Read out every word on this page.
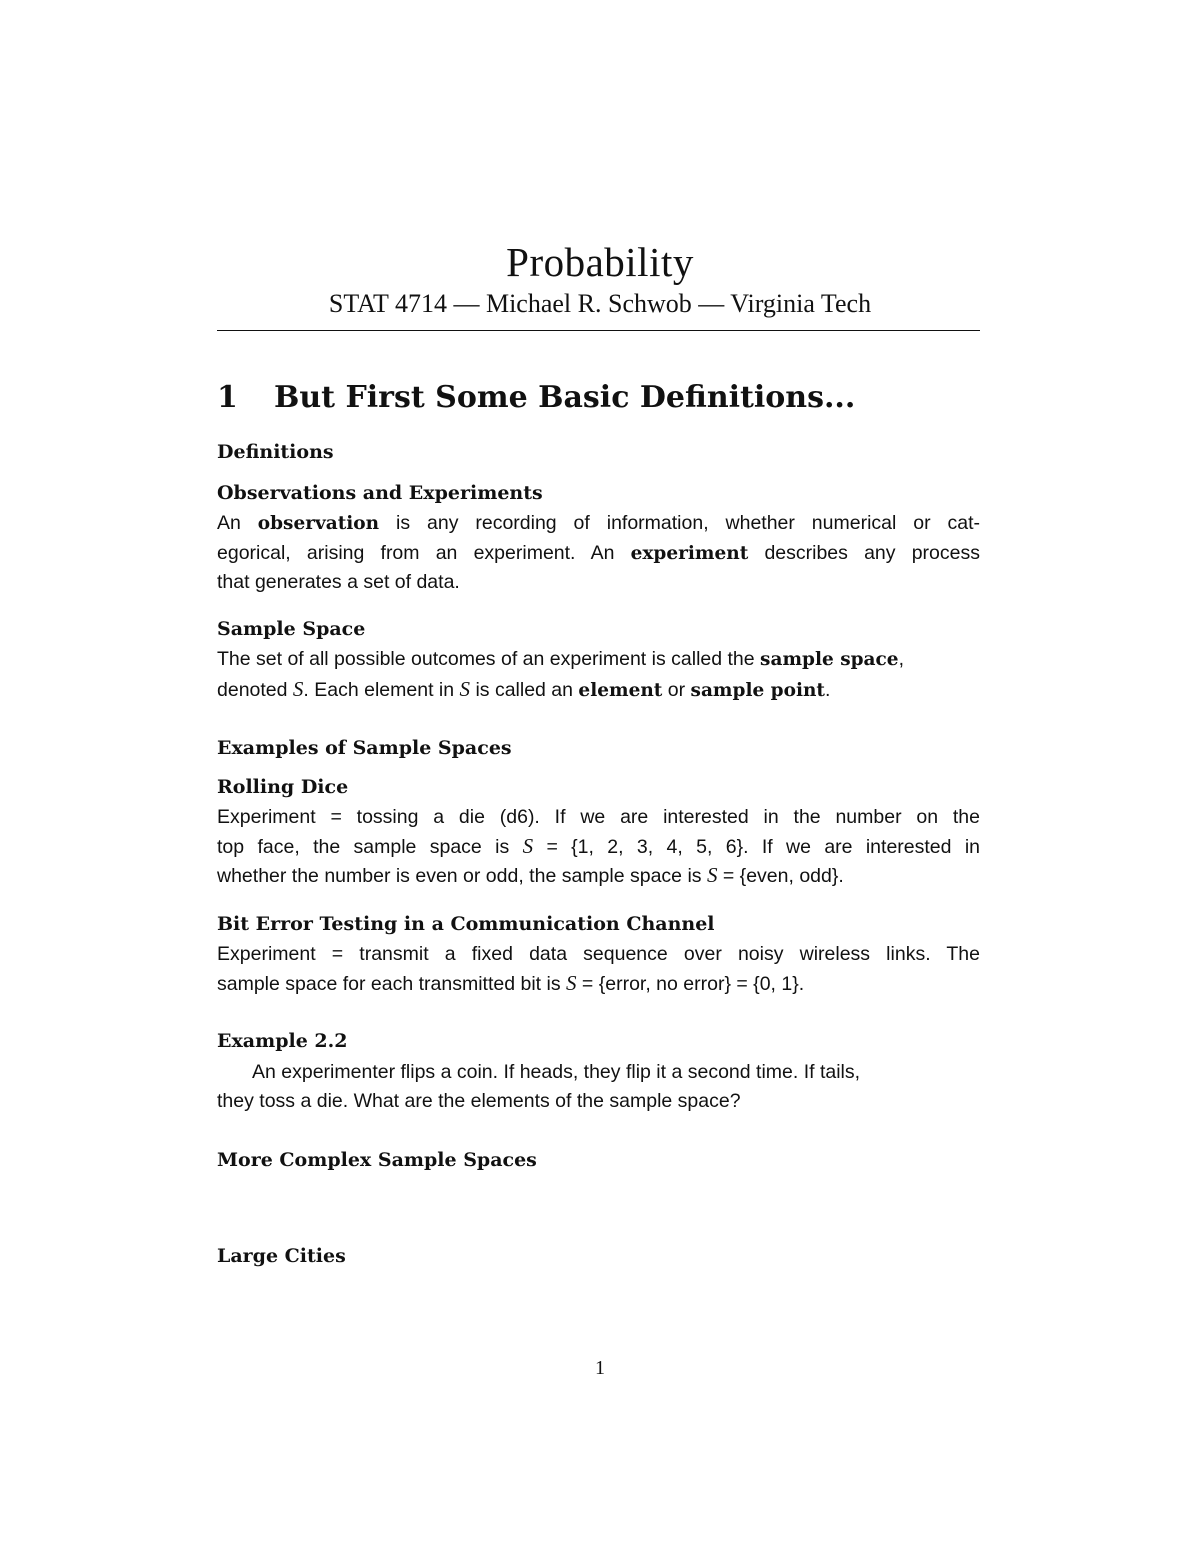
Probability

STAT 4714 — Michael R. Schwob — Virginia Tech

1 But First Some Basic Definitions...
Definitions
Observations and Experiments
An observation is any recording of information, whether numerical or cat-
egorical, arising from an experiment. An experiment describes any process
that generates a set of data.
Sample Space
The set of all possible outcomes of an experiment is called the sample space,
denoted S. Each element in S is called an element or sample point.
Examples of Sample Spaces
Rolling Dice
Experiment = tossing a die (d6). If we are interested in the number on the
top face, the sample space is S = {1, 2, 3, 4, 5, 6}. If we are interested in
whether the number is even or odd, the sample space is S = {even, odd}.
Bit Error Testing in a Communication Channel
Experiment = transmit a fixed data sequence over noisy wireless links. The
sample space for each transmitted bit is S = {error, no error} = {0, 1}.
Example 2.2
An experimenter flips a coin. If heads, they flip it a second time. If tails,
they toss a die. What are the elements of the sample space?
More Complex Sample Spaces
Large Cities

1
